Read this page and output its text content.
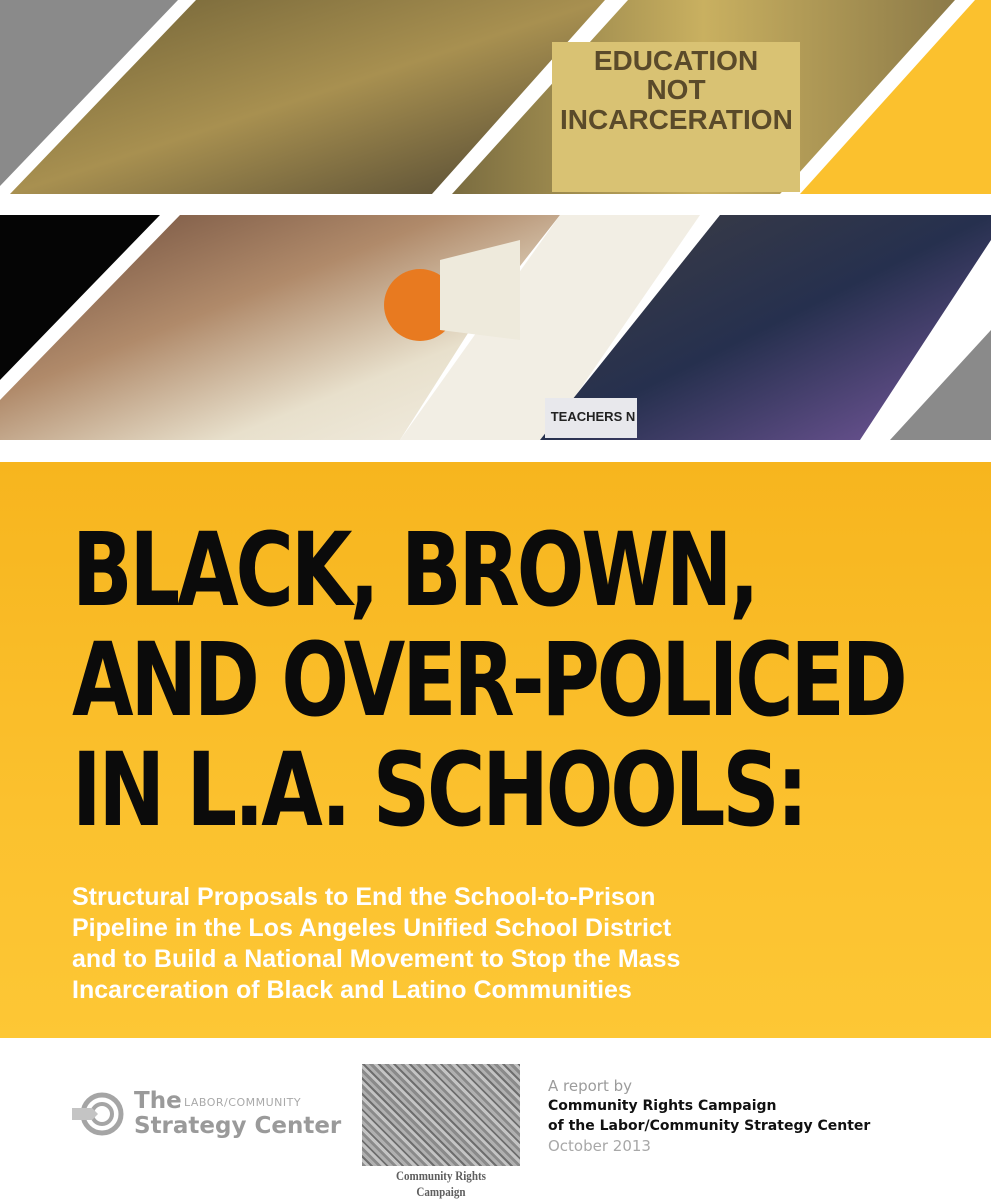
EDUCATION
NOT
INCARCERATION
TEACHERS N
BLACK, BROWN,
AND OVER-POLICED
IN L.A. SCHOOLS:
Structural Proposals to End the School-to-Prison
Pipeline in the Los Angeles Unified School District
and to Build a National Movement to Stop the Mass
Incarceration of Black and Latino Communities
The LABOR/COMMUNITY
Strategy Center
Community Rights Campaign
A report by
Community Rights Campaign
of the Labor/Community Strategy Center
October 2013
